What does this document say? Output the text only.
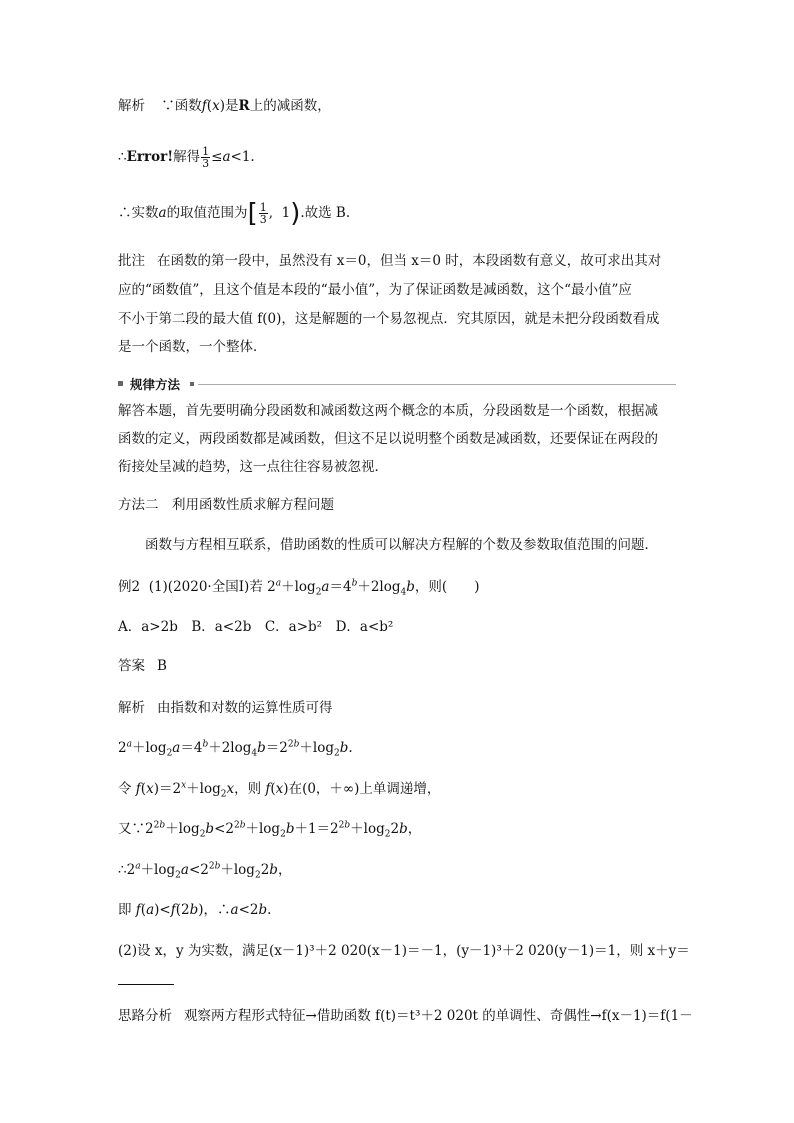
解析 ∵函数f(x)是R上的减函数，
∴Error!解得 $\frac{1}{3} \le a<1$.
∴实数a的取值范围为[ $\frac{1}{3}$ ,  1).故选 B.
批注 在函数的第一段中，虽然没有 x＝0，但当 x＝0 时，本段函数有意义，故可求出其对
应的“函数值”，且这个值是本段的“最小值”，为了保证函数是减函数，这个“最小值”应
不小于第二段的最大值 f(0)，这是解题的一个易忽视点．究其原因，就是未把分段函数看成
是一个函数，一个整体．
规律方法
解答本题，首先要明确分段函数和减函数这两个概念的本质，分段函数是一个函数，根据减
函数的定义，两段函数都是减函数，但这不足以说明整个函数是减函数，还要保证在两段的
衔接处呈减的趋势，这一点往往容易被忽视．
方法二　利用函数性质求解方程问题
函数与方程相互联系，借助函数的性质可以解决方程解的个数及参数取值范围的问题．
例2 (1)(2020·全国Ⅰ)若 $2^a+\log_2a=4^b+2\log_4b$，则(　　)
A．a>2b　B．a<2b　C．a>b²　D．a<b²
答案 B
解析 由指数和对数的运算性质可得
$2^a+\log_2a=4^b+2\log_4b=2^{2b}+\log_2b$.
令 $f(x)=2^x+\log_2x$，则 f(x)在(0，＋∞)上单调递增，
又$\because 2^{2b}+\log_2b<2^{2b}+\log_2b+1=2^{2b}+\log_22b$，
$\therefore 2^a+\log_2a<2^{2b}+\log_22b$，
即 f(a)<f(2b)，∴a<2b.
(2)设 x，y 为实数，满足(x－1)³＋2 020(x－1)＝－1，(y－1)³＋2 020(y－1)＝1，则 x＋y＝
思路分析 观察两方程形式特征→借助函数 f(t)＝t³＋2 020t 的单调性、奇偶性→f(x－1)＝f(1－
